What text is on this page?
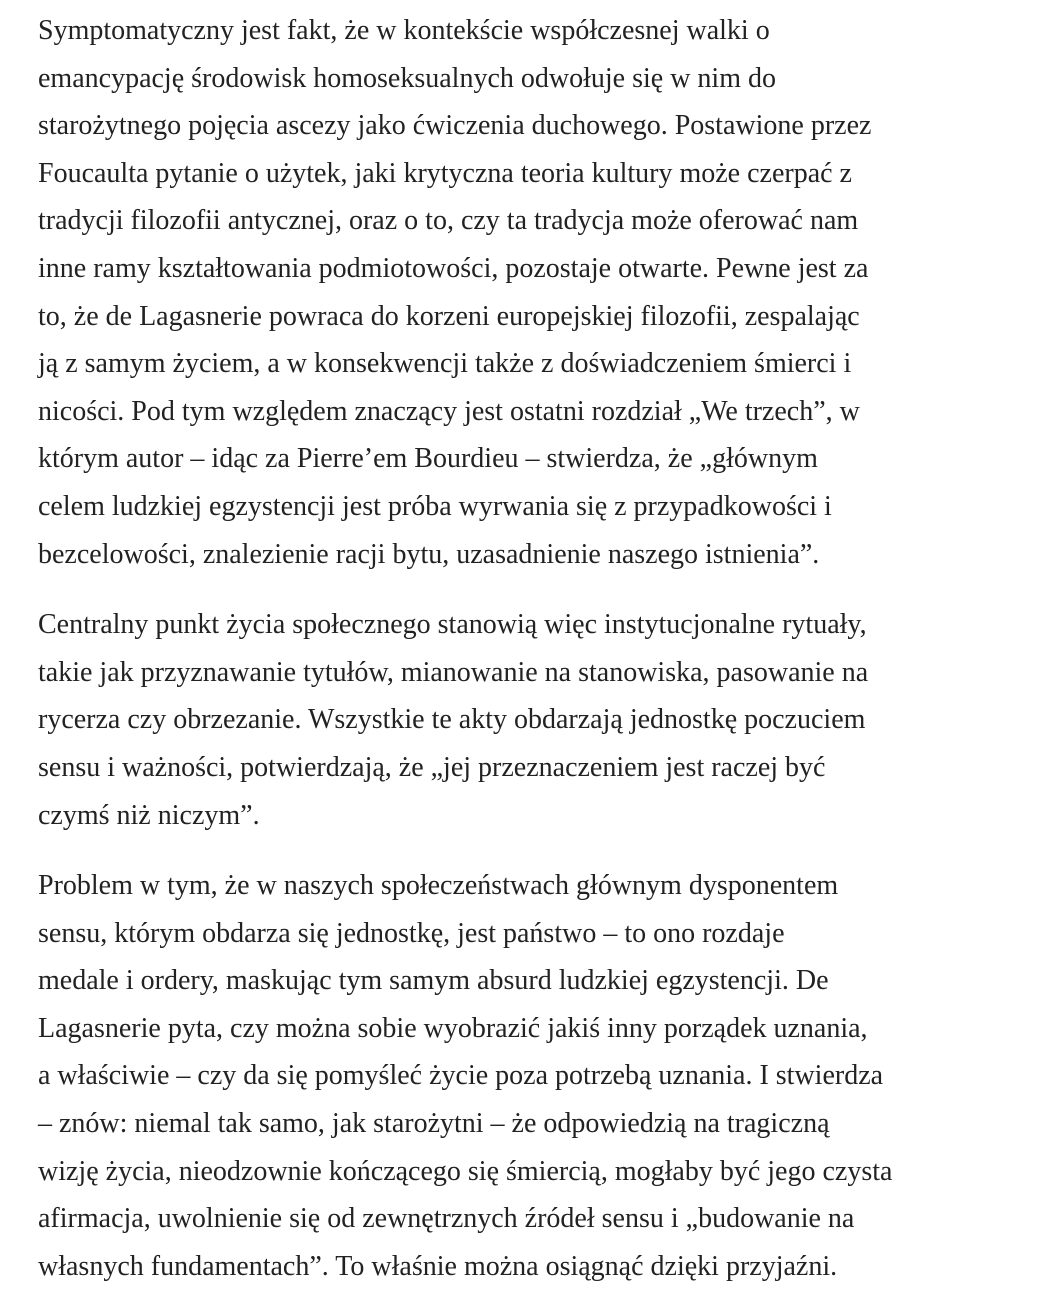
Symptomatyczny jest fakt, że w kontekście współczesnej walki o
emancypację środowisk homoseksualnych odwołuje się w nim do
starożytnego pojęcia ascezy jako ćwiczenia duchowego. Postawione przez
Foucaulta pytanie o użytek, jaki krytyczna teoria kultury może czerpać z
tradycji filozofii antycznej, oraz o to, czy ta tradycja może oferować nam
inne ramy kształtowania podmiotowości, pozostaje otwarte. Pewne jest za
to, że de Lagasnerie powraca do korzeni europejskiej filozofii, zespalając
ją z samym życiem, a w konsekwencji także z doświadczeniem śmierci i
nicości. Pod tym względem znaczący jest ostatni rozdział „We trzech”, w
którym autor – idąc za Pierre’em Bourdieu – stwierdza, że „głównym
celem ludzkiej egzystencji jest próba wyrwania się z przypadkowości i
bezcelowości, znalezienie racji bytu, uzasadnienie naszego istnienia”.

Centralny punkt życia społecznego stanowią więc instytucjonalne rytuały,
takie jak przyznawanie tytułów, mianowanie na stanowiska, pasowanie na
rycerza czy obrzezanie. Wszystkie te akty obdarzają jednostkę poczuciem
sensu i ważności, potwierdzają, że „jej przeznaczeniem jest raczej być
czymś niż niczym”.

Problem w tym, że w naszych społeczeństwach głównym dysponentem
sensu, którym obdarza się jednostkę, jest państwo – to ono rozdaje
medale i ordery, maskując tym samym absurd ludzkiej egzystencji. De
Lagasnerie pyta, czy można sobie wyobrazić jakiś inny porządek uznania,
a właściwie – czy da się pomyśleć życie poza potrzebą uznania. I stwierdza
– znów: niemal tak samo, jak starożytni – że odpowiedzią na tragiczną
wizję życia, nieodzownie kończącego się śmiercią, mogłaby być jego czysta
afirmacja, uwolnienie się od zewnętrznych źródeł sensu i „budowanie na
własnych fundamentach”. To właśnie można osiągnąć dzięki przyjaźni.
